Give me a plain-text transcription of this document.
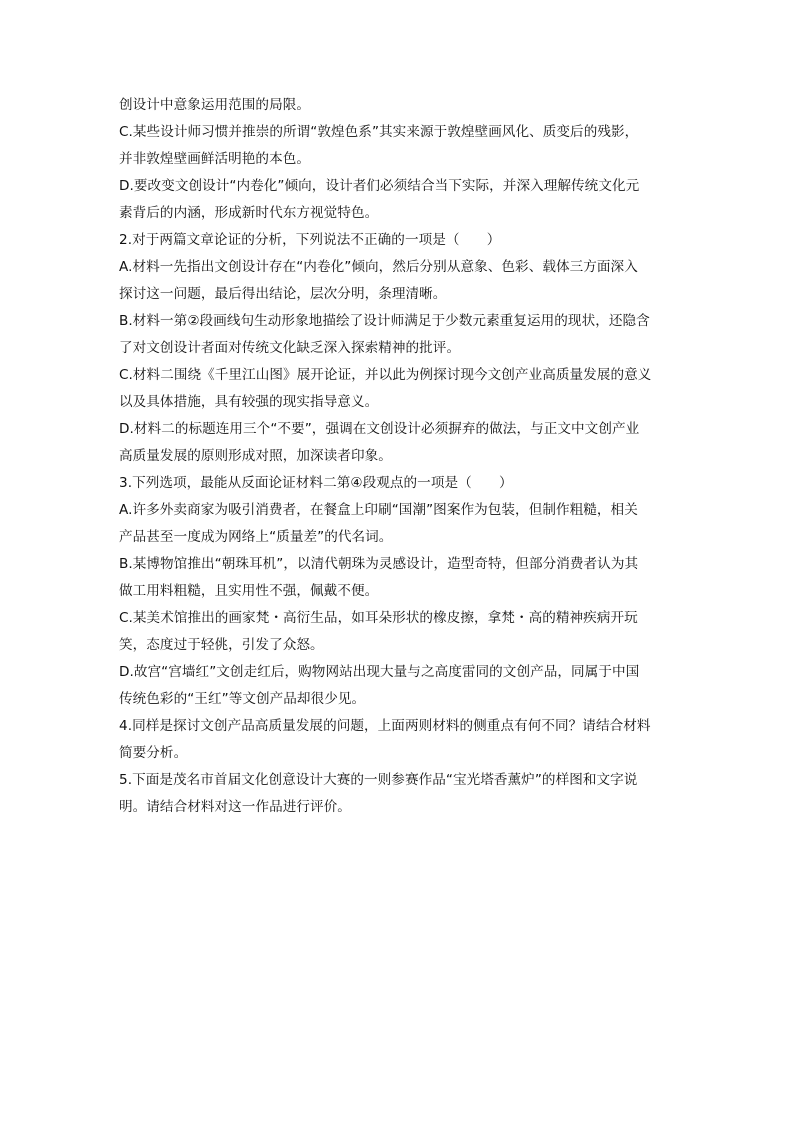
创设计中意象运用范围的局限。
C.某些设计师习惯并推崇的所谓“敦煌色系”其实来源于敦煌壁画风化、质变后的残影，
并非敦煌壁画鲜活明艳的本色。
D.要改变文创设计“内卷化”倾向，设计者们必须结合当下实际，并深入理解传统文化元
素背后的内涵，形成新时代东方视觉特色。
2.对于两篇文章论证的分析，下列说法不正确的一项是（　　）
A.材料一先指出文创设计存在“内卷化”倾向，然后分别从意象、色彩、载体三方面深入
探讨这一问题，最后得出结论，层次分明，条理清晰。
B.材料一第②段画线句生动形象地描绘了设计师满足于少数元素重复运用的现状，还隐含
了对文创设计者面对传统文化缺乏深入探索精神的批评。
C.材料二围绕《千里江山图》展开论证，并以此为例探讨现今文创产业高质量发展的意义
以及具体措施，具有较强的现实指导意义。
D.材料二的标题连用三个“不要”，强调在文创设计必须摒弃的做法，与正文中文创产业
高质量发展的原则形成对照，加深读者印象。
3.下列选项，最能从反面论证材料二第④段观点的一项是（　　）
A.许多外卖商家为吸引消费者，在餐盒上印刷“国潮”图案作为包装，但制作粗糙，相关
产品甚至一度成为网络上“质量差”的代名词。
B.某博物馆推出“朝珠耳机”，以清代朝珠为灵感设计，造型奇特，但部分消费者认为其
做工用料粗糙，且实用性不强，佩戴不便。
C.某美术馆推出的画家梵・高衍生品，如耳朵形状的橡皮擦，拿梵・高的精神疾病开玩
笑，态度过于轻佻，引发了众怒。
D.故宫“宫墙红”文创走红后，购物网站出现大量与之高度雷同的文创产品，同属于中国
传统色彩的“王红”等文创产品却很少见。
4.同样是探讨文创产品高质量发展的问题，上面两则材料的侧重点有何不同？请结合材料
简要分析。
5.下面是茂名市首届文化创意设计大赛的一则参赛作品“宝光塔香薰炉”的样图和文字说
明。请结合材料对这一作品进行评价。
